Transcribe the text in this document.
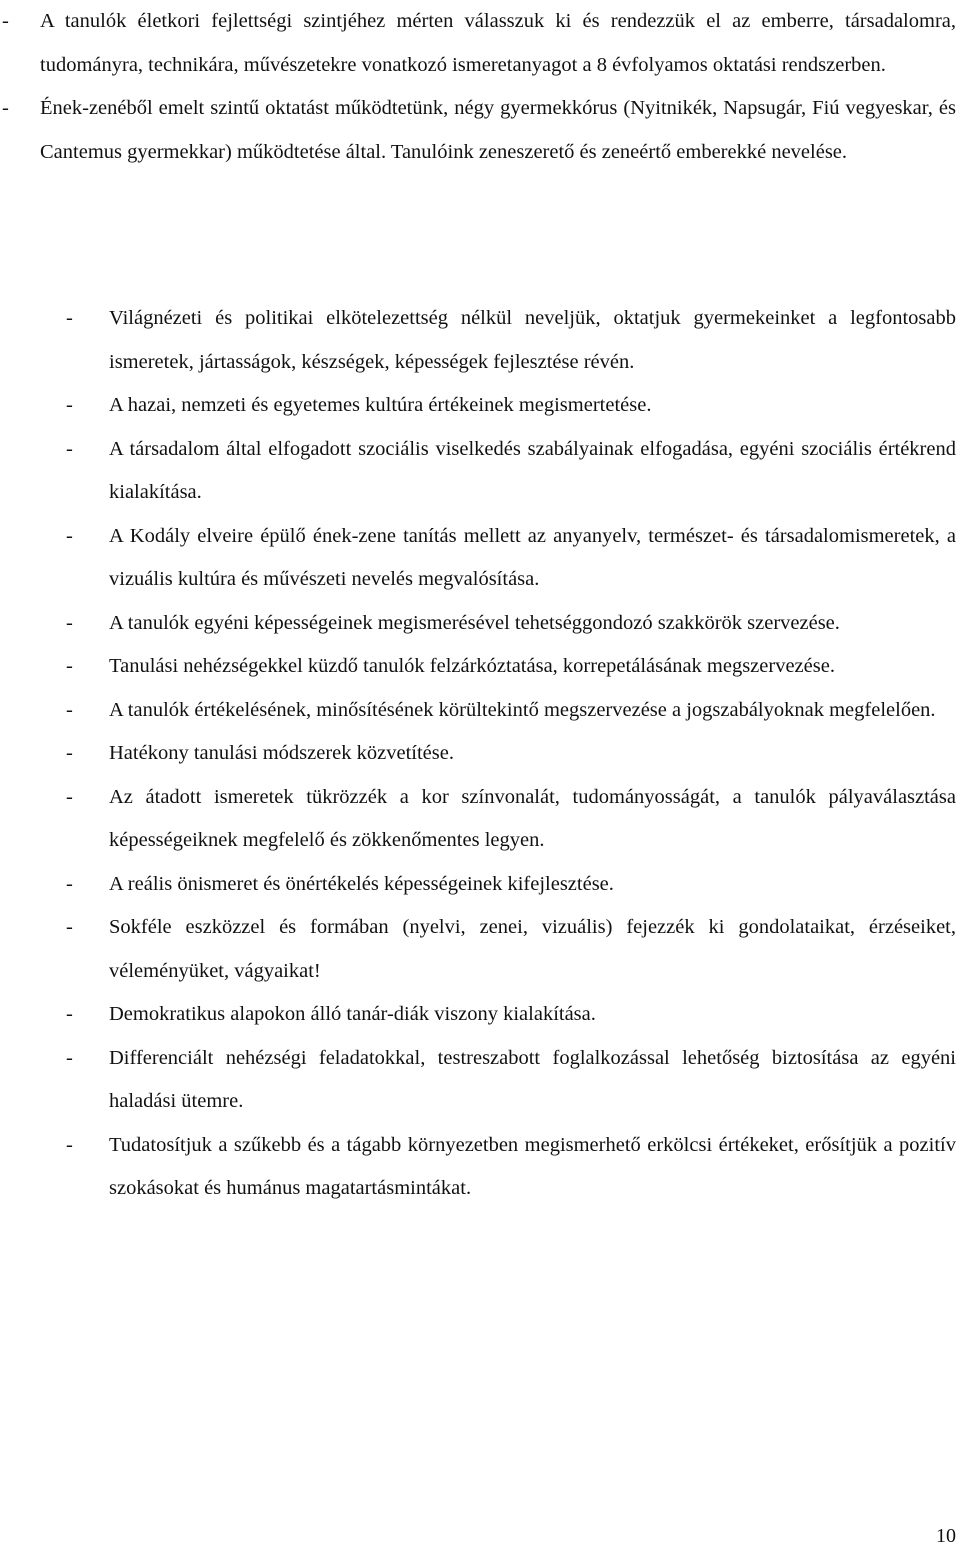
- A tanulók életkori fejlettségi szintjéhez mérten válasszuk ki és rendezzük el az emberre, társadalomra, tudományra, technikára, művészetekre vonatkozó ismeretanyagot a 8 évfolyamos oktatási rendszerben.
- Ének-zenéből emelt szintű oktatást működtetünk, négy gyermekkórus (Nyitnikék, Napsugár, Fiú vegyeskar, és Cantemus gyermekkar) működtetése által. Tanulóink zeneszerető és zeneértő emberekké nevelése.
- Világnézeti és politikai elkötelezettség nélkül neveljük, oktatjuk gyermekeinket a legfontosabb ismeretek, jártasságok, készségek, képességek fejlesztése révén.
- A hazai, nemzeti és egyetemes kultúra értékeinek megismertetése.
- A társadalom által elfogadott szociális viselkedés szabályainak elfogadása, egyéni szociális értékrend kialakítása.
- A Kodály elveire épülő ének-zene tanítás mellett az anyanyelv, természet- és társadalomismeretek, a vizuális kultúra és művészeti nevelés megvalósítása.
- A tanulók egyéni képességeinek megismerésével tehetséggondozó szakkörök szervezése.
- Tanulási nehézségekkel küzdő tanulók felzárkóztatása, korrepetálásának megszervezése.
- A tanulók értékelésének, minősítésének körültekintő megszervezése a jogszabályoknak megfelelően.
- Hatékony tanulási módszerek közvetítése.
- Az átadott ismeretek tükrözzék a kor színvonalát, tudományosságát, a tanulók pályaválasztása képességeiknek megfelelő és zökkenőmentes legyen.
- A reális önismeret és önértékelés képességeinek kifejlesztése.
- Sokféle eszközzel és formában (nyelvi, zenei, vizuális) fejezzék ki gondolataikat, érzéseiket, véleményüket, vágyaikat!
- Demokratikus alapokon álló tanár-diák viszony kialakítása.
- Differenciált nehézségi feladatokkal, testreszabott foglalkozással lehetőség biztosítása az egyéni haladási ütemre.
- Tudatosítjuk a szűkebb és a tágabb környezetben megismerhető erkölcsi értékeket, erősítjük a pozitív szokásokat és humánus magatartásmintákat.
10
